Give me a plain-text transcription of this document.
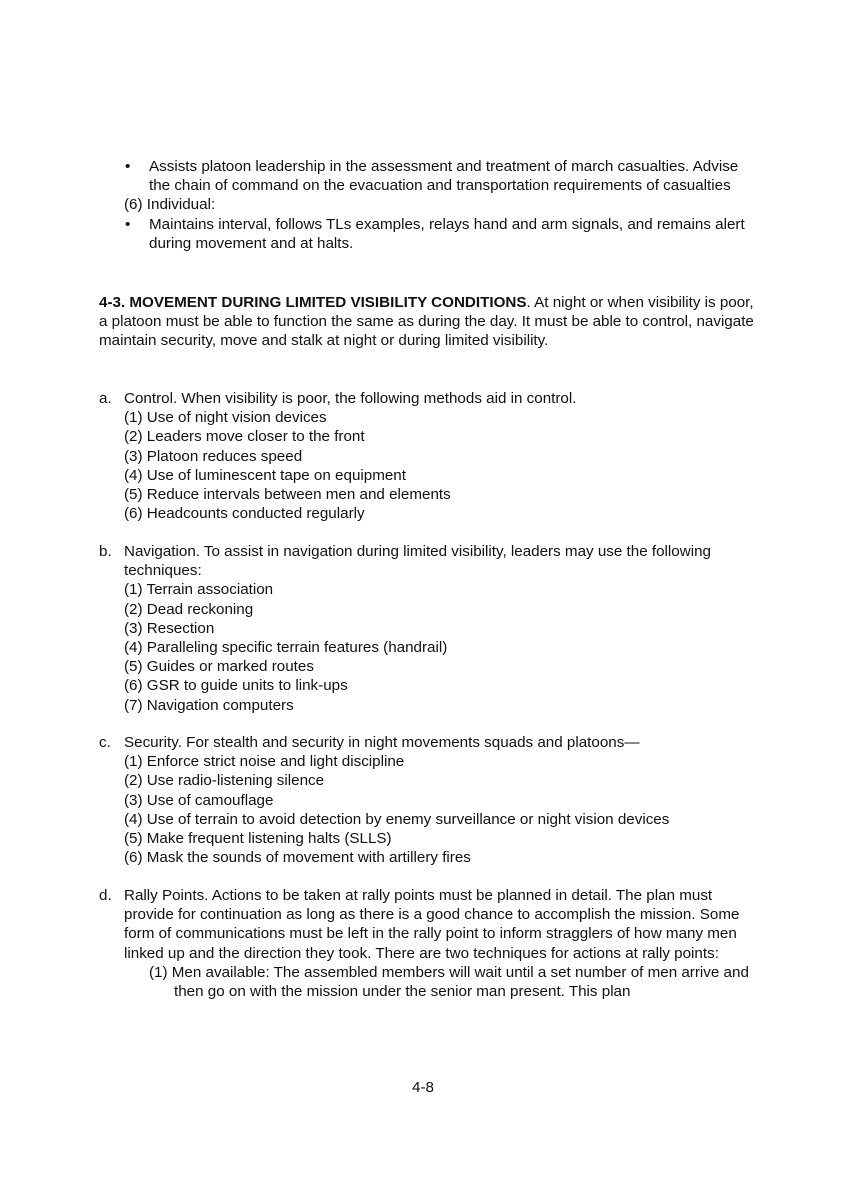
• Assists platoon leadership in the assessment and treatment of march casualties. Advise the chain of command on the evacuation and transportation requirements of casualties
(6) Individual:
• Maintains interval, follows TLs examples, relays hand and arm signals, and remains alert during movement and at halts.
4-3. MOVEMENT DURING LIMITED VISIBILITY CONDITIONS. At night or when visibility is poor, a platoon must be able to function the same as during the day. It must be able to control, navigate maintain security, move and stalk at night or during limited visibility.
a. Control. When visibility is poor, the following methods aid in control.
(1) Use of night vision devices
(2) Leaders move closer to the front
(3) Platoon reduces speed
(4) Use of luminescent tape on equipment
(5) Reduce intervals between men and elements
(6) Headcounts conducted regularly
b. Navigation. To assist in navigation during limited visibility, leaders may use the following techniques:
(1) Terrain association
(2) Dead reckoning
(3) Resection
(4) Paralleling specific terrain features (handrail)
(5) Guides or marked routes
(6) GSR to guide units to link-ups
(7) Navigation computers
c. Security. For stealth and security in night movements squads and platoons—
(1) Enforce strict noise and light discipline
(2) Use radio-listening silence
(3) Use of camouflage
(4) Use of terrain to avoid detection by enemy surveillance or night vision devices
(5) Make frequent listening halts (SLLS)
(6) Mask the sounds of movement with artillery fires
d. Rally Points. Actions to be taken at rally points must be planned in detail. The plan must provide for continuation as long as there is a good chance to accomplish the mission. Some form of communications must be left in the rally point to inform stragglers of how many men linked up and the direction they took. There are two techniques for actions at rally points:
(1) Men available: The assembled members will wait until a set number of men arrive and then go on with the mission under the senior man present. This plan
4-8
